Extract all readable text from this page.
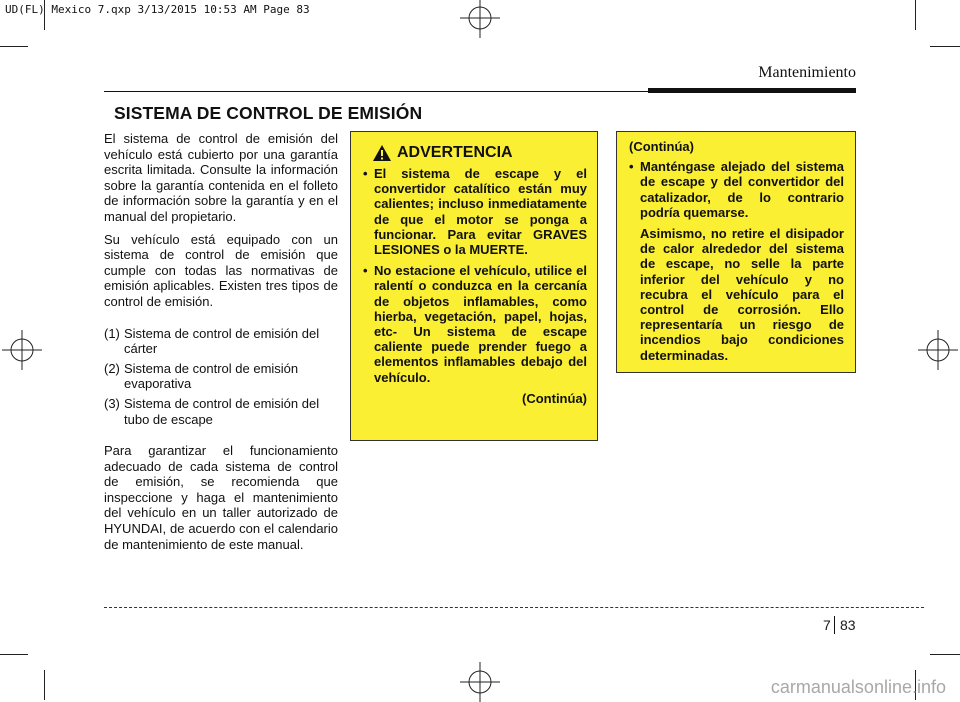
UD(FL) Mexico 7.qxp 3/13/2015 10:53 AM Page 83
Mantenimiento
SISTEMA DE CONTROL DE EMISIÓN

El sistema de control de emisión del vehículo está cubierto por una garantía escrita limitada. Consulte la información sobre la garantía contenida en el folleto de información sobre la garantía y en el manual del propietario.

Su vehículo está equipado con un sistema de control de emisión que cumple con todas las normativas de emisión aplicables. Existen tres tipos de control de emisión.

(1) Sistema de control de emisión del cárter
(2) Sistema de control de emisión evaporativa
(3) Sistema de control de emisión del tubo de escape

Para garantizar el funcionamiento adecuado de cada sistema de control de emisión, se recomienda que inspeccione y haga el mantenimiento del vehículo en un taller autorizado de HYUNDAI, de acuerdo con el calendario de mantenimiento de este manual.

ADVERTENCIA
• El sistema de escape y el convertidor catalítico están muy calientes; incluso inmediatamente de que el motor se ponga a funcionar. Para evitar GRAVES LESIONES o la MUERTE.
• No estacione el vehículo, utilice el ralentí o conduzca en la cercanía de objetos inflamables, como hierba, vegetación, papel, hojas, etc- Un sistema de escape caliente puede prender fuego a elementos inflamables debajo del vehículo.
(Continúa)
(Continúa)
• Manténgase alejado del sistema de escape y del convertidor del catalizador, de lo contrario podría quemarse.
Asimismo, no retire el disipador de calor alrededor del sistema de escape, no selle la parte inferior del vehículo y no recubra el vehículo para el control de corrosión. Ello representaría un riesgo de incendios bajo condiciones determinadas.
7 83
carmanualsonline.info
